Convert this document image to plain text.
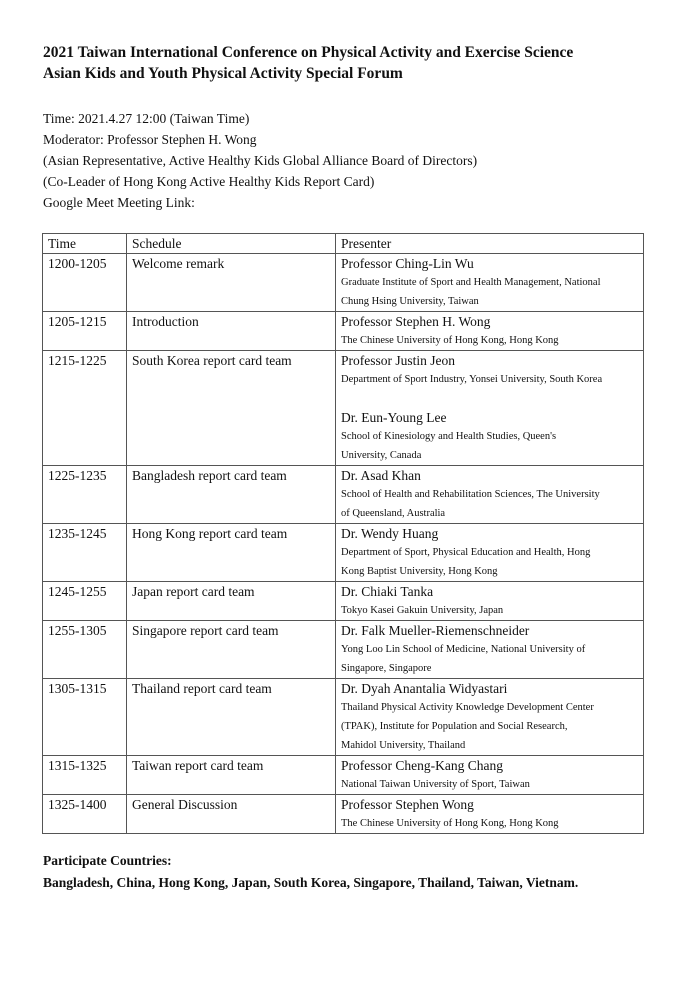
2021 Taiwan International Conference on Physical Activity and Exercise Science
Asian Kids and Youth Physical Activity Special Forum
Time: 2021.4.27 12:00 (Taiwan Time)
Moderator: Professor Stephen H. Wong
(Asian Representative, Active Healthy Kids Global Alliance Board of Directors)
(Co-Leader of Hong Kong Active Healthy Kids Report Card)
Google Meet Meeting Link:
Time	Schedule	Presenter
1200-1205	Welcome remark	Professor Ching-Lin Wu
Graduate Institute of Sport and Health Management, National
Chung Hsing University, Taiwan

1205-1215	Introduction	Professor Stephen H. Wong
The Chinese University of Hong Kong, Hong Kong

1215-1225	South Korea report card team	Professor Justin Jeon
Department of Sport Industry, Yonsei University, South Korea
Dr. Eun-Young Lee
School of Kinesiology and Health Studies, Queen's
University, Canada

1225-1235	Bangladesh report card team	Dr. Asad Khan
School of Health and Rehabilitation Sciences, The University
of Queensland, Australia

1235-1245	Hong Kong report card team	Dr. Wendy Huang
Department of Sport, Physical Education and Health, Hong
Kong Baptist University, Hong Kong

1245-1255	Japan report card team	Dr. Chiaki Tanka
Tokyo Kasei Gakuin University, Japan

1255-1305	Singapore report card team	Dr. Falk Mueller-Riemenschneider
Yong Loo Lin School of Medicine, National University of
Singapore, Singapore

1305-1315	Thailand report card team	Dr. Dyah Anantalia Widyastari
Thailand Physical Activity Knowledge Development Center
(TPAK), Institute for Population and Social Research,
Mahidol University, Thailand

1315-1325	Taiwan report card team	Professor Cheng-Kang Chang
National Taiwan University of Sport, Taiwan

1325-1400	General Discussion	Professor Stephen Wong
The Chinese University of Hong Kong, Hong Kong
Participate Countries:
Bangladesh, China, Hong Kong, Japan, South Korea, Singapore, Thailand, Taiwan, Vietnam.
